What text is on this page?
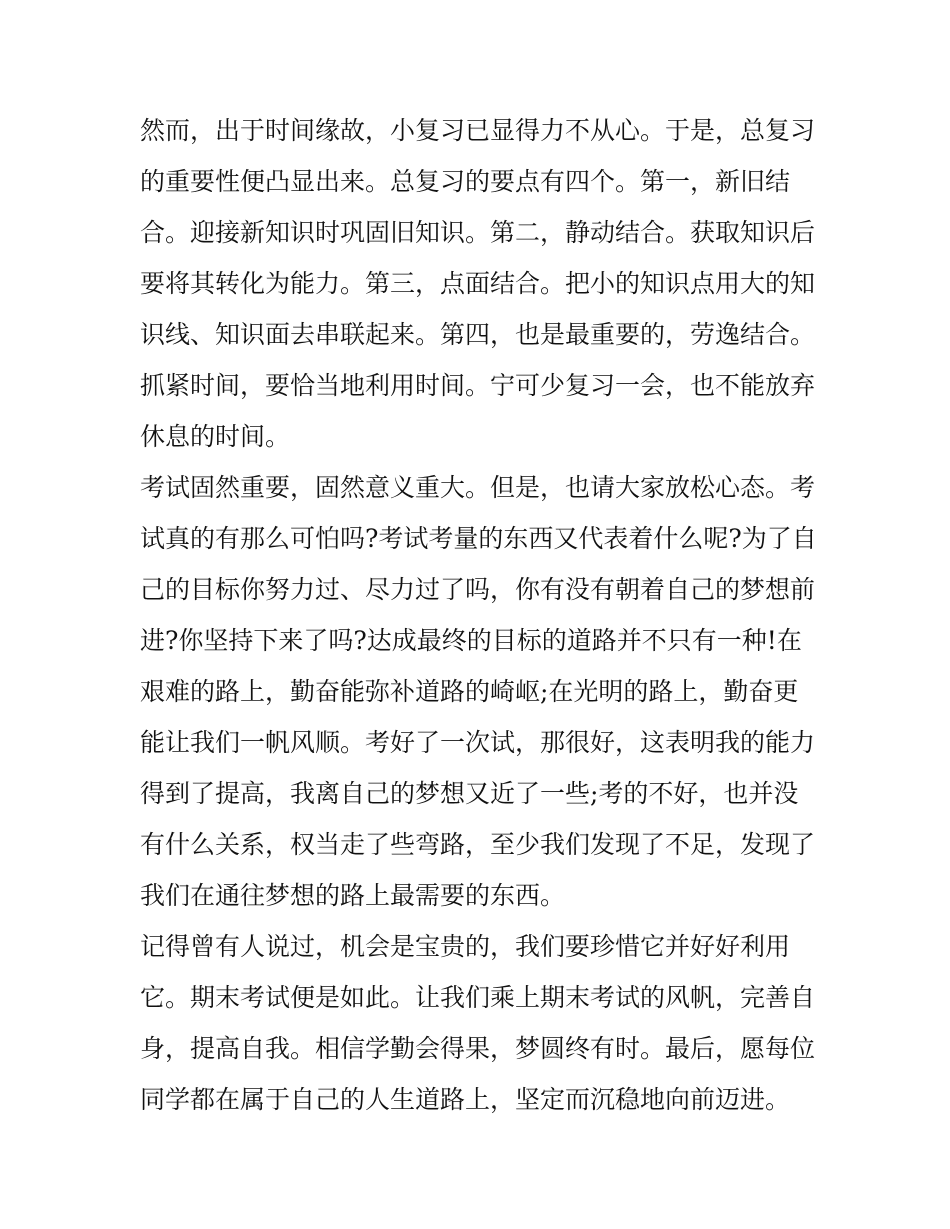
然而，出于时间缘故，小复习已显得力不从心。于是，总复习
的重要性便凸显出来。总复习的要点有四个。第一，新旧结
合。迎接新知识时巩固旧知识。第二，静动结合。获取知识后
要将其转化为能力。第三，点面结合。把小的知识点用大的知
识线、知识面去串联起来。第四，也是最重要的，劳逸结合。
抓紧时间，要恰当地利用时间。宁可少复习一会，也不能放弃
休息的时间。
考试固然重要，固然意义重大。但是，也请大家放松心态。考
试真的有那么可怕吗?考试考量的东西又代表着什么呢?为了自
己的目标你努力过、尽力过了吗，你有没有朝着自己的梦想前
进?你坚持下来了吗?达成最终的目标的道路并不只有一种!在
艰难的路上，勤奋能弥补道路的崎岖;在光明的路上，勤奋更
能让我们一帆风顺。考好了一次试，那很好，这表明我的能力
得到了提高，我离自己的梦想又近了一些;考的不好，也并没
有什么关系，权当走了些弯路，至少我们发现了不足，发现了
我们在通往梦想的路上最需要的东西。
记得曾有人说过，机会是宝贵的，我们要珍惜它并好好利用
它。期末考试便是如此。让我们乘上期末考试的风帆，完善自
身，提高自我。相信学勤会得果，梦圆终有时。最后，愿每位
同学都在属于自己的人生道路上，坚定而沉稳地向前迈进。
